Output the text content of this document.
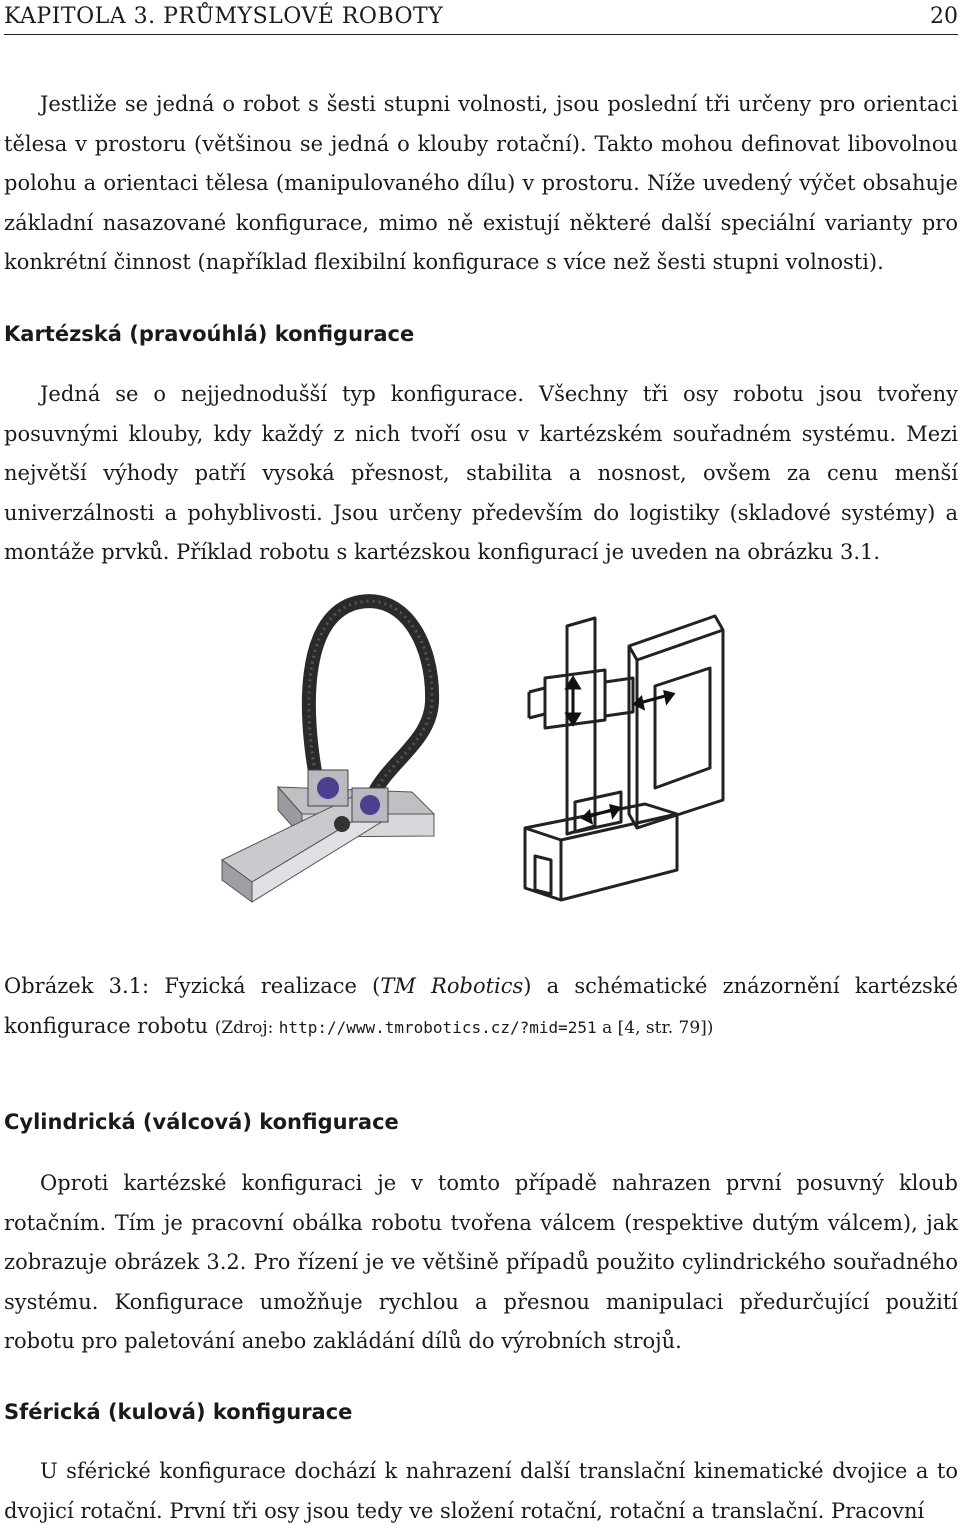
KAPITOLA 3. PRŮMYSLOVÉ ROBOTY	20

Jestliže se jedná o robot s šesti stupni volnosti, jsou poslední tři určeny pro orientaci tělesa v prostoru (většinou se jedná o klouby rotační). Takto mohou definovat libovolnou polohu a orientaci tělesa (manipulovaného dílu) v prostoru. Níže uvedený výčet obsahuje základní nasazované konfigurace, mimo ně existují některé další speciální varianty pro konkrétní činnost (například flexibilní konfigurace s více než šesti stupni volnosti).

Kartézská (pravoúhlá) konfigurace

Jedná se o nejjednodušší typ konfigurace. Všechny tři osy robotu jsou tvořeny posuvnými klouby, kdy každý z nich tvoří osu v kartézském souřadném systému. Mezi největší výhody patří vysoká přesnost, stabilita a nosnost, ovšem za cenu menší univerzálnosti a pohyblivosti. Jsou určeny především do logistiky (skladové systémy) a montáže prvků. Příklad robotu s kartézskou konfigurací je uveden na obrázku 3.1.

Obrázek 3.1: Fyzická realizace (TM Robotics) a schématické znázornění kartézské konfigurace robotu (Zdroj: http://www.tmrobotics.cz/?mid=251 a [4, str. 79])

Cylindrická (válcová) konfigurace

Oproti kartézské konfiguraci je v tomto případě nahrazen první posuvný kloub rotačním. Tím je pracovní obálka robotu tvořena válcem (respektive dutým válcem), jak zobrazuje obrázek 3.2. Pro řízení je ve většině případů použito cylindrického souřadného systému. Konfigurace umožňuje rychlou a přesnou manipulaci předurčující použití robotu pro paletování anebo zakládání dílů do výrobních strojů.

Sférická (kulová) konfigurace

U sférické konfigurace dochází k nahrazení další translační kinematické dvojice a to dvojicí rotační. První tři osy jsou tedy ve složení rotační, rotační a translační. Pracovní
